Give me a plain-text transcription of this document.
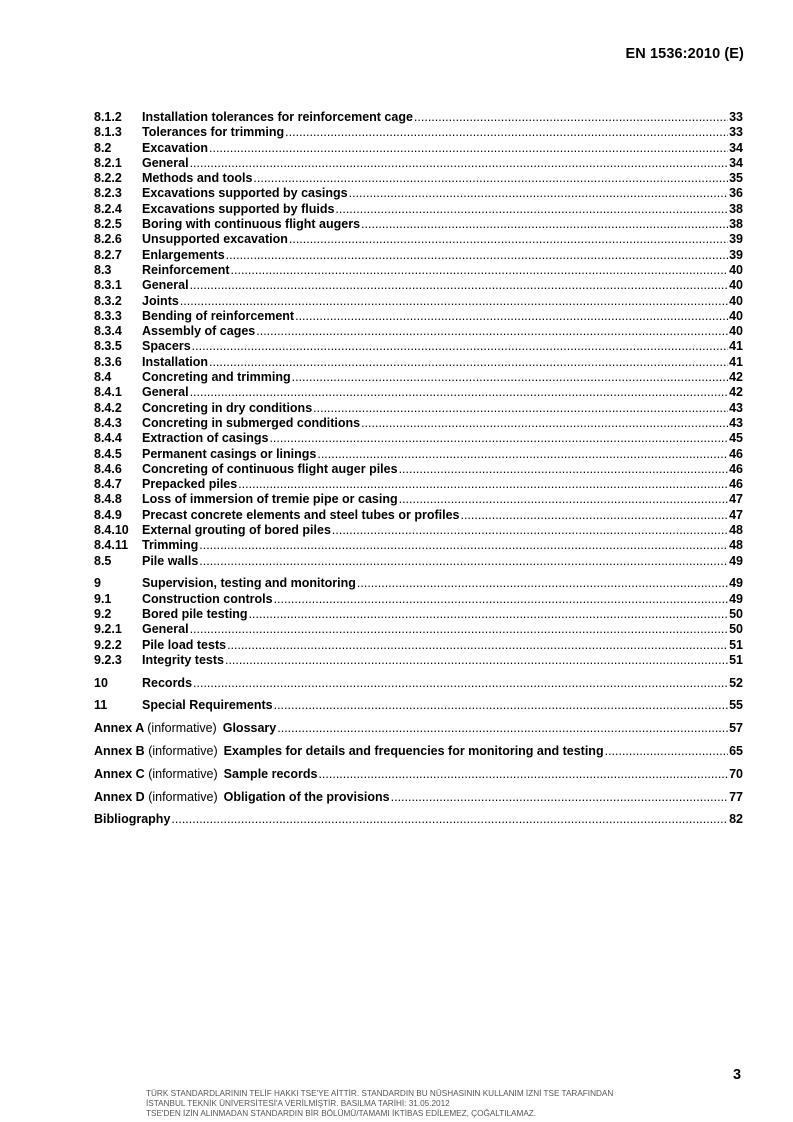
EN 1536:2010 (E)
8.1.2	Installation tolerances for reinforcement cage .....	33
8.1.3	Tolerances for trimming .....	33
8.2	Excavation .....	34
8.2.1	General .....	34
8.2.2	Methods and tools .....	35
8.2.3	Excavations supported by casings .....	36
8.2.4	Excavations supported by fluids .....	38
8.2.5	Boring with continuous flight augers .....	38
8.2.6	Unsupported excavation .....	39
8.2.7	Enlargements .....	39
8.3	Reinforcement .....	40
8.3.1	General .....	40
8.3.2	Joints .....	40
8.3.3	Bending of reinforcement .....	40
8.3.4	Assembly of cages .....	40
8.3.5	Spacers .....	41
8.3.6	Installation .....	41
8.4	Concreting and trimming .....	42
8.4.1	General .....	42
8.4.2	Concreting in dry conditions .....	43
8.4.3	Concreting in submerged conditions .....	43
8.4.4	Extraction of casings .....	45
8.4.5	Permanent casings or linings .....	46
8.4.6	Concreting of continuous flight auger piles .....	46
8.4.7	Prepacked piles .....	46
8.4.8	Loss of immersion of tremie pipe or casing .....	47
8.4.9	Precast concrete elements and steel tubes or profiles .....	47
8.4.10	External grouting of bored piles .....	48
8.4.11	Trimming .....	48
8.5	Pile walls .....	49
9	Supervision, testing and monitoring .....	49
9.1	Construction controls .....	49
9.2	Bored pile testing .....	50
9.2.1	General .....	50
9.2.2	Pile load tests .....	51
9.2.3	Integrity tests .....	51
10	Records .....	52
11	Special Requirements .....	55
Annex A (informative) Glossary .....	57
Annex B (informative) Examples for details and frequencies for monitoring and testing .....	65
Annex C (informative) Sample records .....	70
Annex D (informative) Obligation of the provisions .....	77
Bibliography .....	82
3
TÜRK STANDARDLARININ TELİF HAKKI TSE'YE AİTTİR. STANDARDIN BU NÜSHASININ KULLANIM İZNİ TSE TARAFINDAN
İSTANBUL TEKNİK ÜNİVERSİTESİ'A VERİLMİŞTİR. BASILMA TARİHİ: 31.05.2012
TSE'DEN İZİN ALINMADAN STANDARDIN BİR BÖLÜMÜ/TAMAMI İKTİBAS EDİLEMEZ, ÇOĞALTILAMAZ.
